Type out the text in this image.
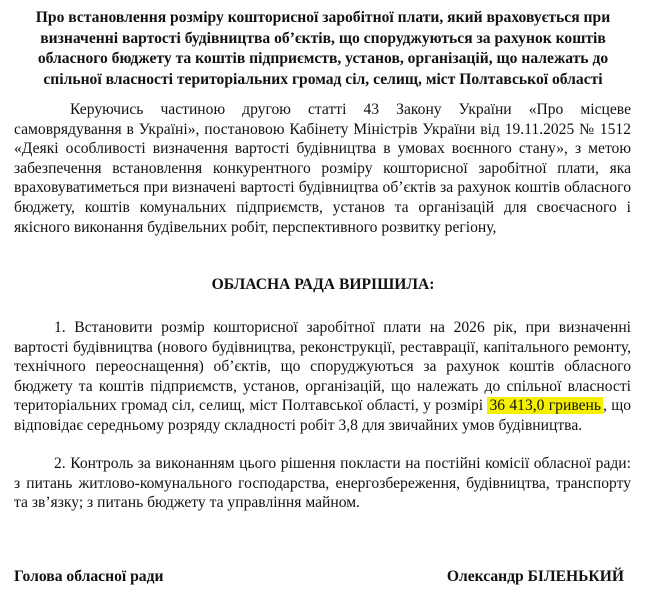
Про встановлення розміру кошторисної заробітної плати, який враховується при визначенні вартості будівництва об’єктів, що споруджуються за рахунок коштів обласного бюджету та коштів підприємств, установ, організацій, що належать до спільної власності територіальних громад сіл, селищ, міст Полтавської області
Керуючись частиною другою статті 43 Закону України «Про місцеве самоврядування в Україні», постановою Кабінету Міністрів України від 19.11.2025 № 1512 «Деякі особливості визначення вартості будівництва в умовах воєнного стану», з метою забезпечення встановлення конкурентного розміру кошторисної заробітної плати, яка враховуватиметься при визначені вартості будівництва об’єктів за рахунок коштів обласного бюджету, коштів комунальних підприємств, установ та організацій для своєчасного і якісного виконання будівельних робіт, перспективного розвитку регіону,
ОБЛАСНА РАДА ВИРІШИЛА:
1. Встановити розмір кошторисної заробітної плати на 2026 рік, при визначенні вартості будівництва (нового будівництва, реконструкції, реставрації, капітального ремонту, технічного переоснащення) об’єктів, що споруджуються за рахунок коштів обласного бюджету та коштів підприємств, установ, організацій, що належать до спільної власності територіальних громад сіл, селищ, міст Полтавської області, у розмірі 36 413,0 гривень , що відповідає середньому розряду складності робіт 3,8 для звичайних умов будівництва.
2. Контроль за виконанням цього рішення покласти на постійні комісії обласної ради: з питань житлово-комунального господарства, енергозбереження, будівництва, транспорту та зв’язку; з питань бюджету та управління майном.
Голова обласної ради	Олександр БІЛЕНЬКИЙ
